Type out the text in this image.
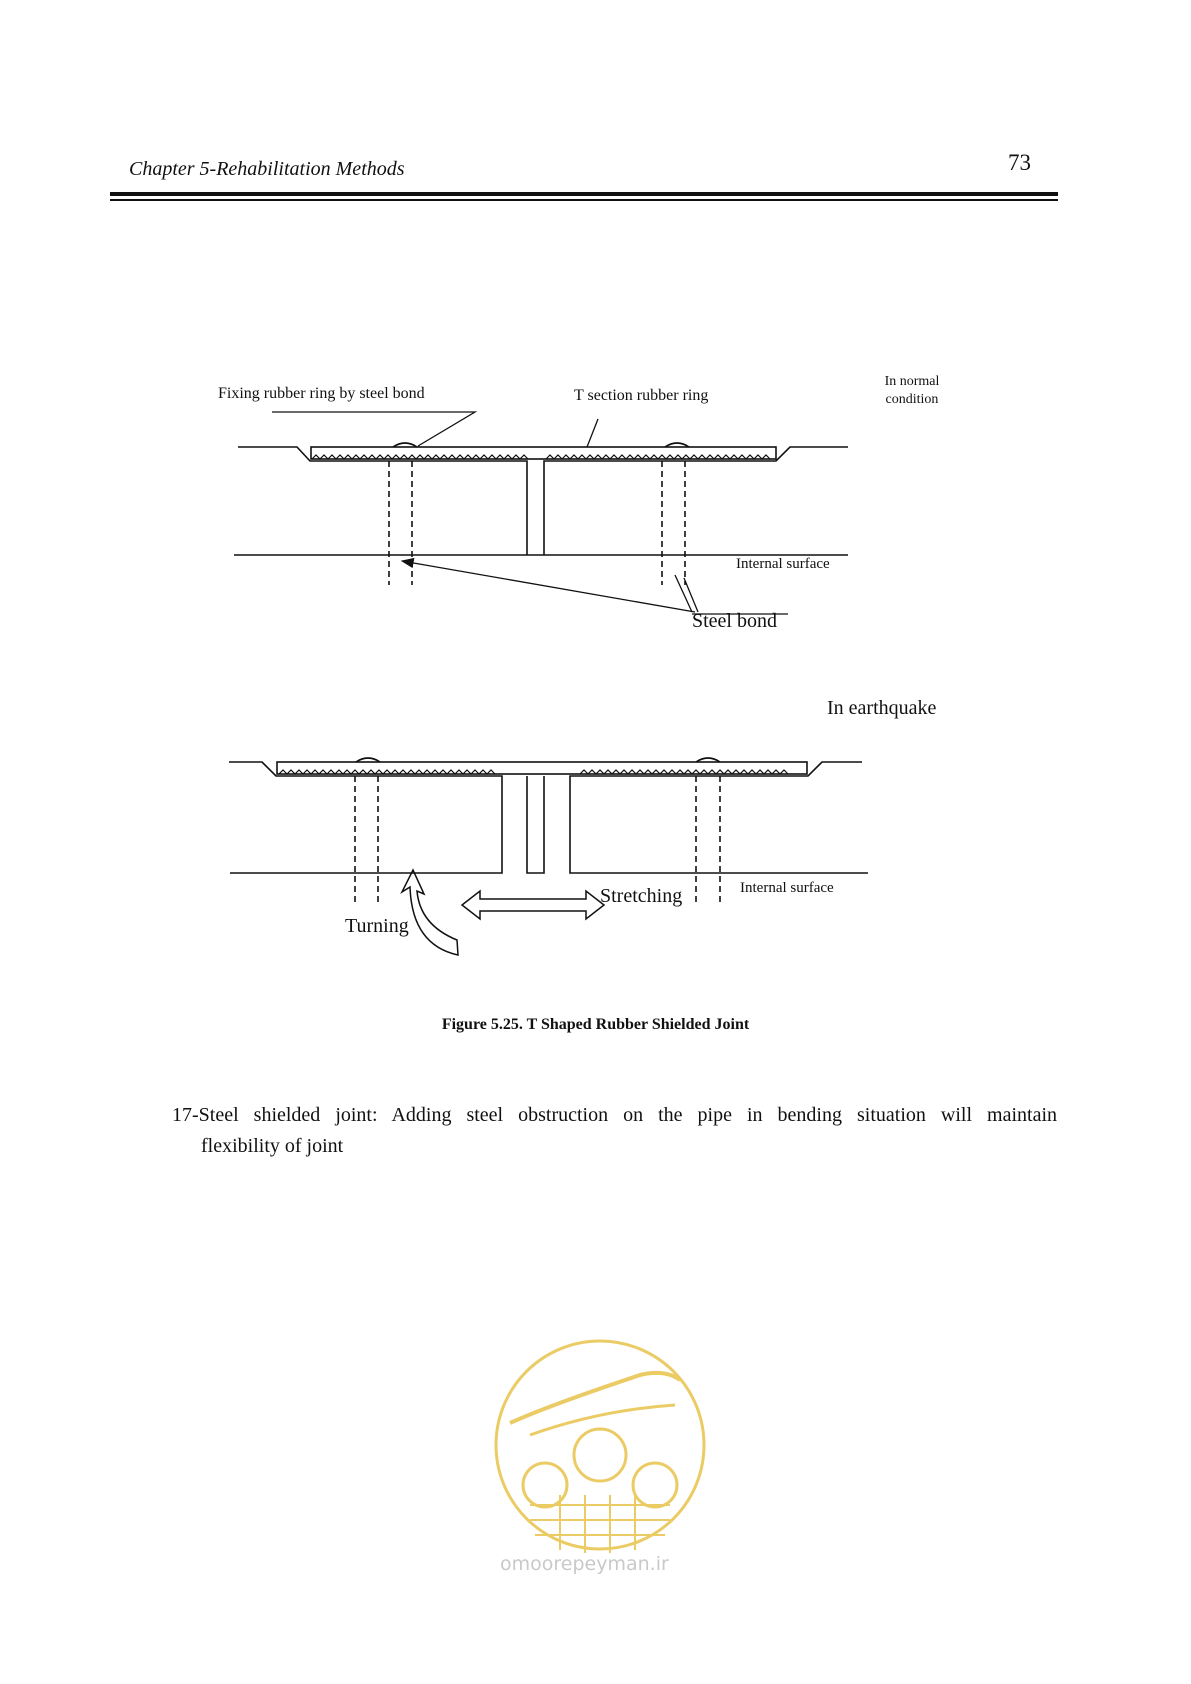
Chapter 5-Rehabilitation Methods	73
Fixing rubber ring by steel bond	T section rubber ring
In normal condition
Internal surface
Steel bond
In earthquake
Internal surface
Stretching
Turning
Figure 5.25. T Shaped Rubber Shielded Joint
17-Steel shielded joint: Adding steel obstruction on the pipe in bending situation will maintain
flexibility of joint
omoorepeyman.ir
